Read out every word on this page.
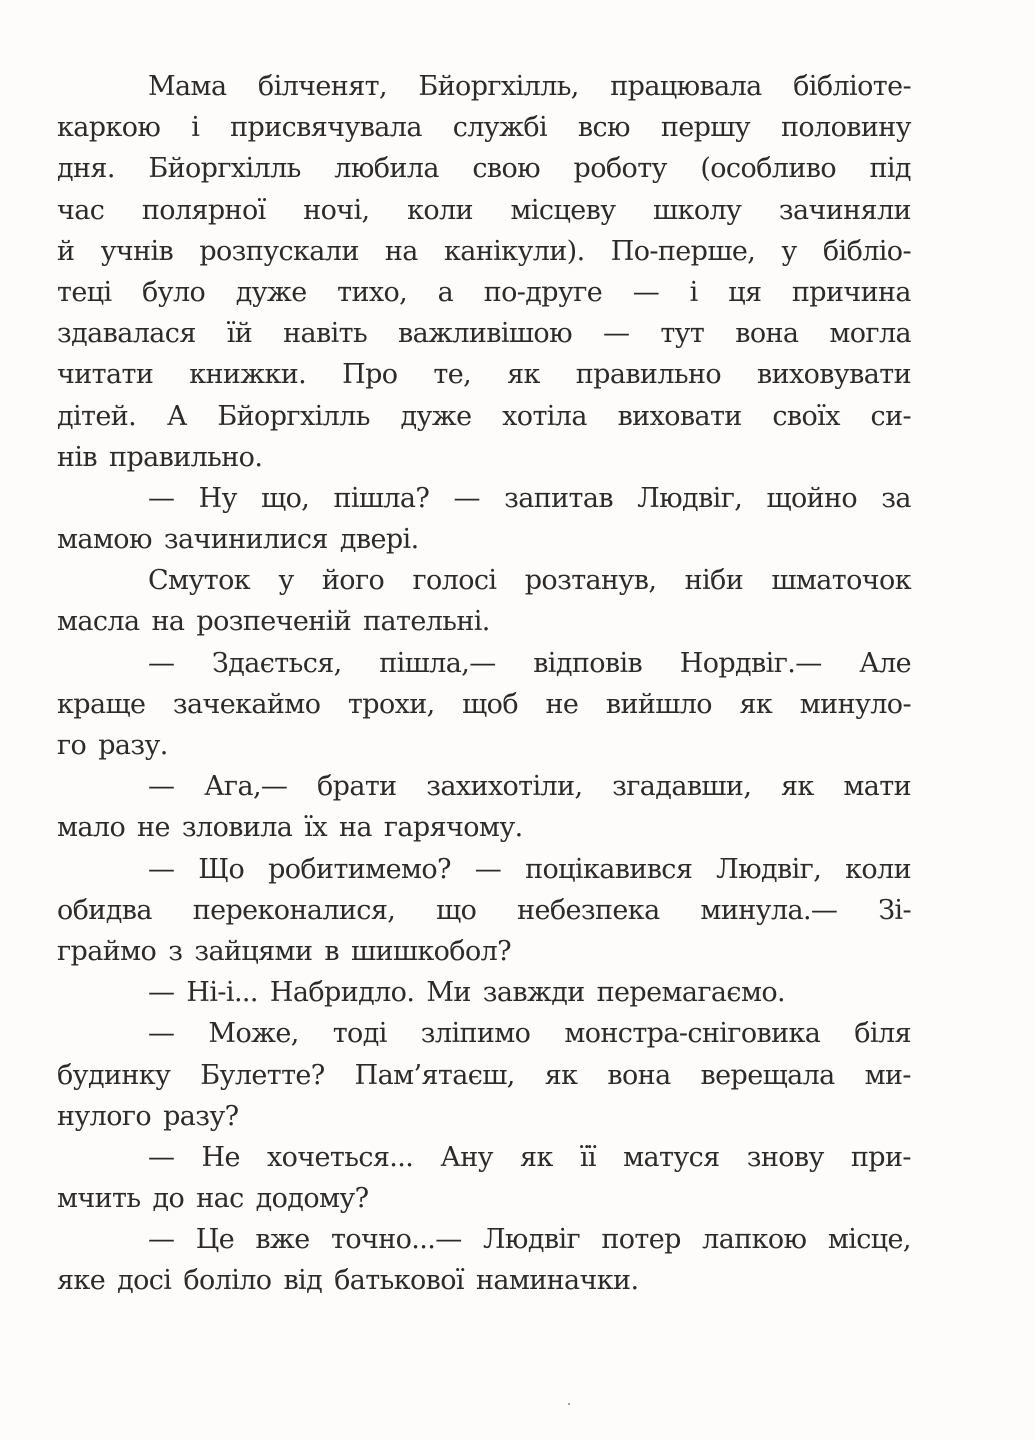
Мама білченят, Бйоргхілль, працювала бібліоте-
каркою і присвячувала службі всю першу половину
дня. Бйоргхілль любила свою роботу (особливо під
час полярної ночі, коли місцеву школу зачиняли
й учнів розпускали на канікули). По-перше, у бібліо-
теці було дуже тихо, а по-друге — і ця причина
здавалася їй навіть важливішою — тут вона могла
читати книжки. Про те, як правильно виховувати
дітей. А Бйоргхілль дуже хотіла виховати своїх си-
нів правильно.
— Ну що, пішла? — запитав Людвіг, щойно за
мамою зачинилися двері.
Смуток у його голосі розтанув, ніби шматочок
масла на розпеченій пательні.
— Здається, пішла,— відповів Нордвіг.— Але
краще зачекаймо трохи, щоб не вийшло як минуло-
го разу.
— Ага,— брати захихотіли, згадавши, як мати
мало не зловила їх на гарячому.
— Що робитимемо? — поцікавився Людвіг, коли
обидва переконалися, що небезпека минула.— Зі-
граймо з зайцями в шишкобол?
— Ні-і... Набридло. Ми завжди перемагаємо.
— Може, тоді зліпимо монстра-сніговика біля
будинку Булетте? Пам’ятаєш, як вона верещала ми-
нулого разу?
— Не хочеться... Ану як її матуся знову при-
мчить до нас додому?
— Це вже точно...— Людвіг потер лапкою місце,
яке досі боліло від батькової наминачки.
